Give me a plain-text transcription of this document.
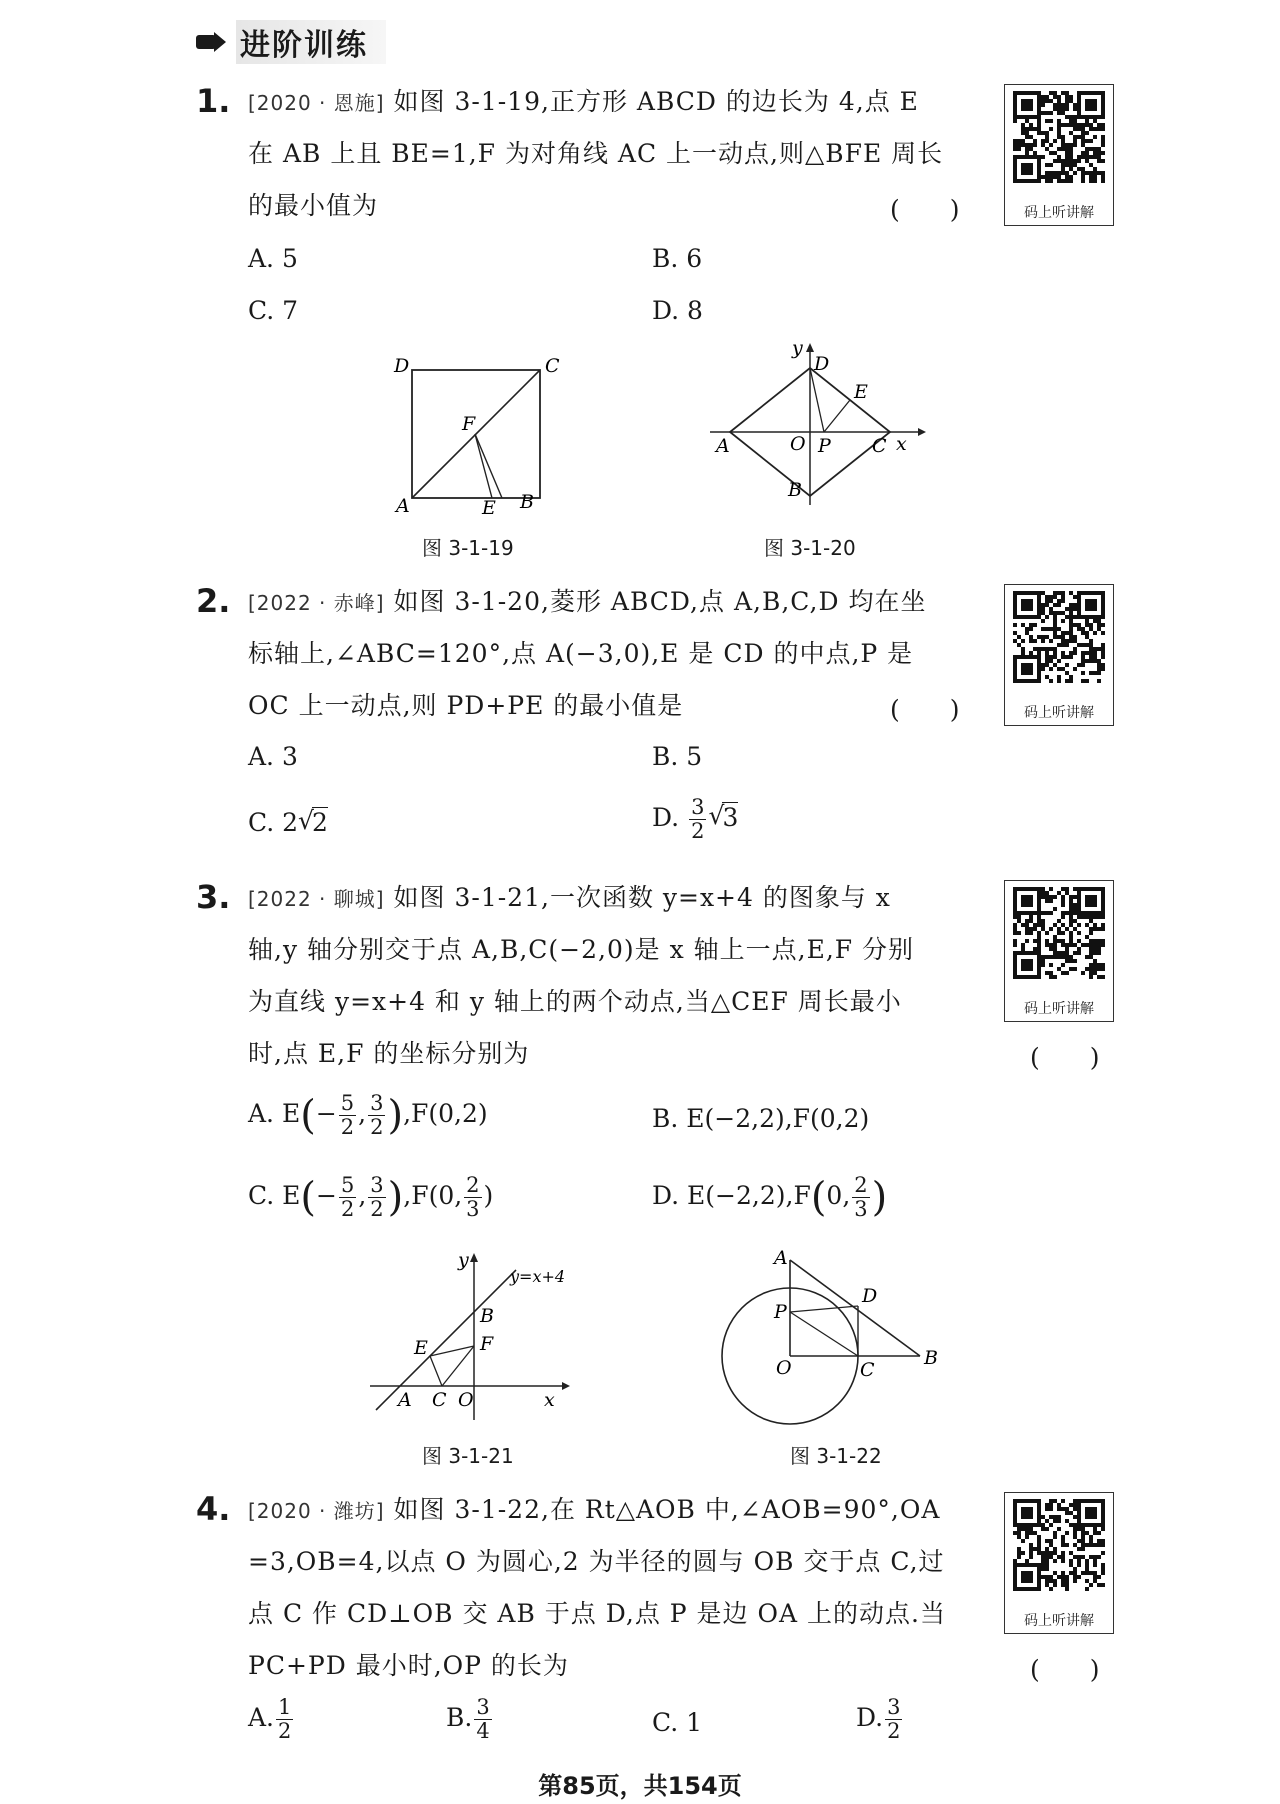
进阶训练
1. [2020 · 恩施] 如图 3-1-19,正方形 ABCD 的边长为 4,点 E
在 AB 上且 BE=1,F 为对角线 AC 上一动点,则△BFE 周长
的最小值为	(　　)
A. 5	B. 6
C. 7	D. 8
码上听讲解
D	C
F
A	E B
图 3-1-19
y
D
E
A	O P C x
B
图 3-1-20
2. [2022 · 赤峰] 如图 3-1-20,菱形 ABCD,点 A,B,C,D 均在坐
标轴上,∠ABC=120°,点 A(−3,0),E 是 CD 的中点,P 是
OC 上一动点,则 PD+PE 的最小值是	(　　)
A. 3	B. 5
C. 2 √ 2	D. $\frac{3}{2}$ √ 3
码上听讲解
3. [2022 · 聊城] 如图 3-1-21,一次函数 y=x+4 的图象与 x
轴,y 轴分别交于点 A,B,C(−2,0)是 x 轴上一点,E,F 分别
为直线 y=x+4 和 y 轴上的两个动点,当△CEF 周长最小
时,点 E,F 的坐标分别为	(　　)
A. $E(- \frac{5}{2}$ , $\frac{3}{2} ),F(0,2)$	B. E(−2,2),F(0,2)
C. $E(- \frac{5}{2}$ , $\frac{3}{2} ),F(0$, $\frac{2}{3}$ )	D. E(−2,2),F(0, $\frac{2}{3}$ )
码上听讲解
y
y=x+4
B
E	F
A C O	x
图 3-1-21
A
D
P
O	C
B
图 3-1-22
4. [2020 · 潍坊] 如图 3-1-22,在 Rt△AOB 中,∠AOB=90°,OA
=3,OB=4,以点 O 为圆心,2 为半径的圆与 OB 交于点 C,过
点 C 作 CD⊥OB 交 AB 于点 D,点 P 是边 OA 上的动点.当
PC+PD 最小时,OP 的长为	(　　)
A. $\frac{1}{2}$	B. $\frac{3}{4}$	C. 1	D. $\frac{3}{2}$
码上听讲解
第85页，共154页
